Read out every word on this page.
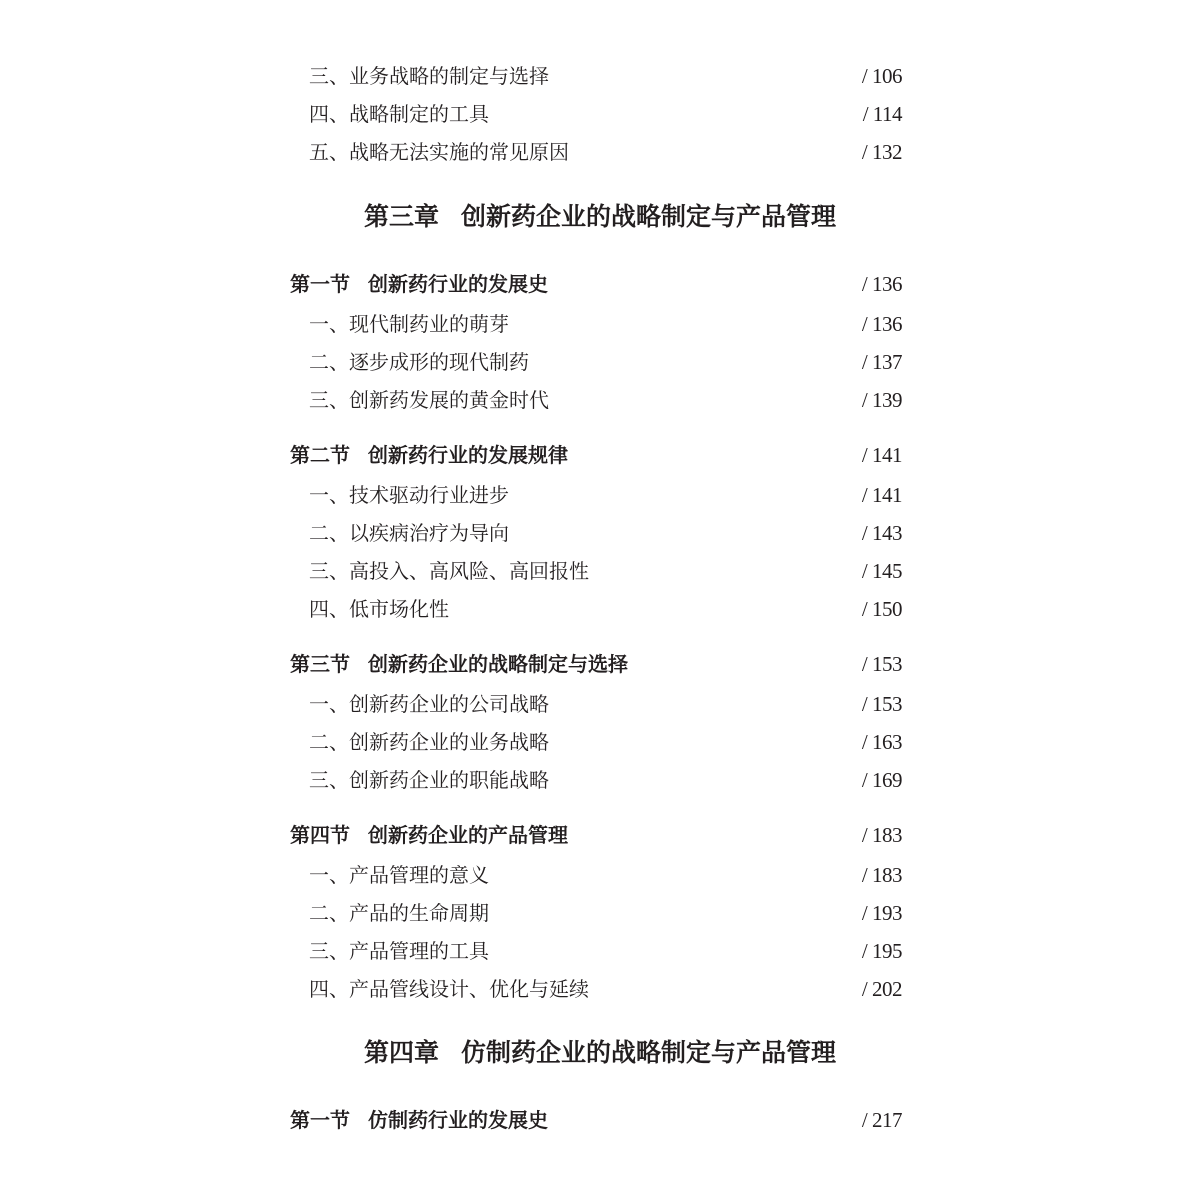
三、业务战略的制定与选择	/ 106
四、战略制定的工具	/ 114
五、战略无法实施的常见原因	/ 132
第三章 创新药企业的战略制定与产品管理
第一节 创新药行业的发展史	/ 136
一、现代制药业的萌芽	/ 136
二、逐步成形的现代制药	/ 137
三、创新药发展的黄金时代	/ 139
第二节 创新药行业的发展规律	/ 141
一、技术驱动行业进步	/ 141
二、以疾病治疗为导向	/ 143
三、高投入、高风险、高回报性	/ 145
四、低市场化性	/ 150
第三节 创新药企业的战略制定与选择	/ 153
一、创新药企业的公司战略	/ 153
二、创新药企业的业务战略	/ 163
三、创新药企业的职能战略	/ 169
第四节 创新药企业的产品管理	/ 183
一、产品管理的意义	/ 183
二、产品的生命周期	/ 193
三、产品管理的工具	/ 195
四、产品管线设计、优化与延续	/ 202
第四章 仿制药企业的战略制定与产品管理
第一节 仿制药行业的发展史	/ 217
